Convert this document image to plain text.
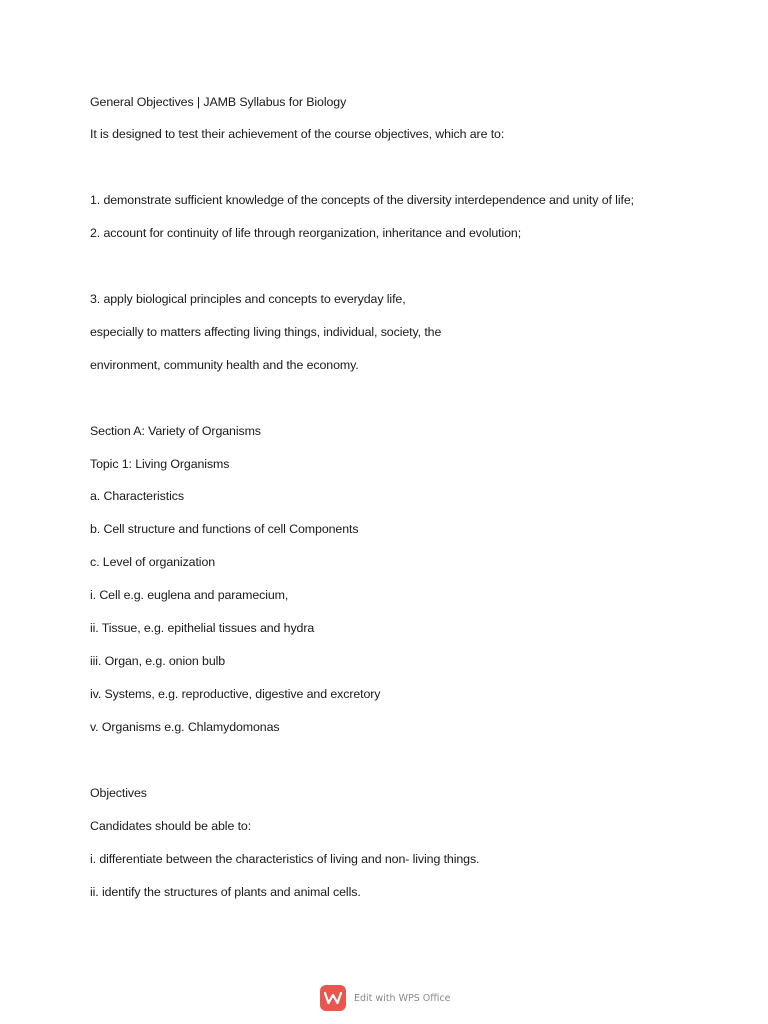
General Objectives | JAMB Syllabus for Biology
It is designed to test their achievement of the course objectives, which are to:
1. demonstrate sufficient knowledge of the concepts of the diversity interdependence and unity of life;
2. account for continuity of life through reorganization, inheritance and evolution;
3. apply biological principles and concepts to everyday life,
especially to matters affecting living things, individual, society, the
environment, community health and the economy.
Section A: Variety of Organisms
Topic 1: Living Organisms
a. Characteristics
b. Cell structure and functions of cell Components
c. Level of organization
i. Cell e.g. euglena and paramecium,
ii. Tissue, e.g. epithelial tissues and hydra
iii. Organ, e.g. onion bulb
iv. Systems, e.g. reproductive, digestive and excretory
v. Organisms e.g. Chlamydomonas
Objectives
Candidates should be able to:
i. differentiate between the characteristics of living and non- living things.
ii. identify the structures of plants and animal cells.
Edit with WPS Office
